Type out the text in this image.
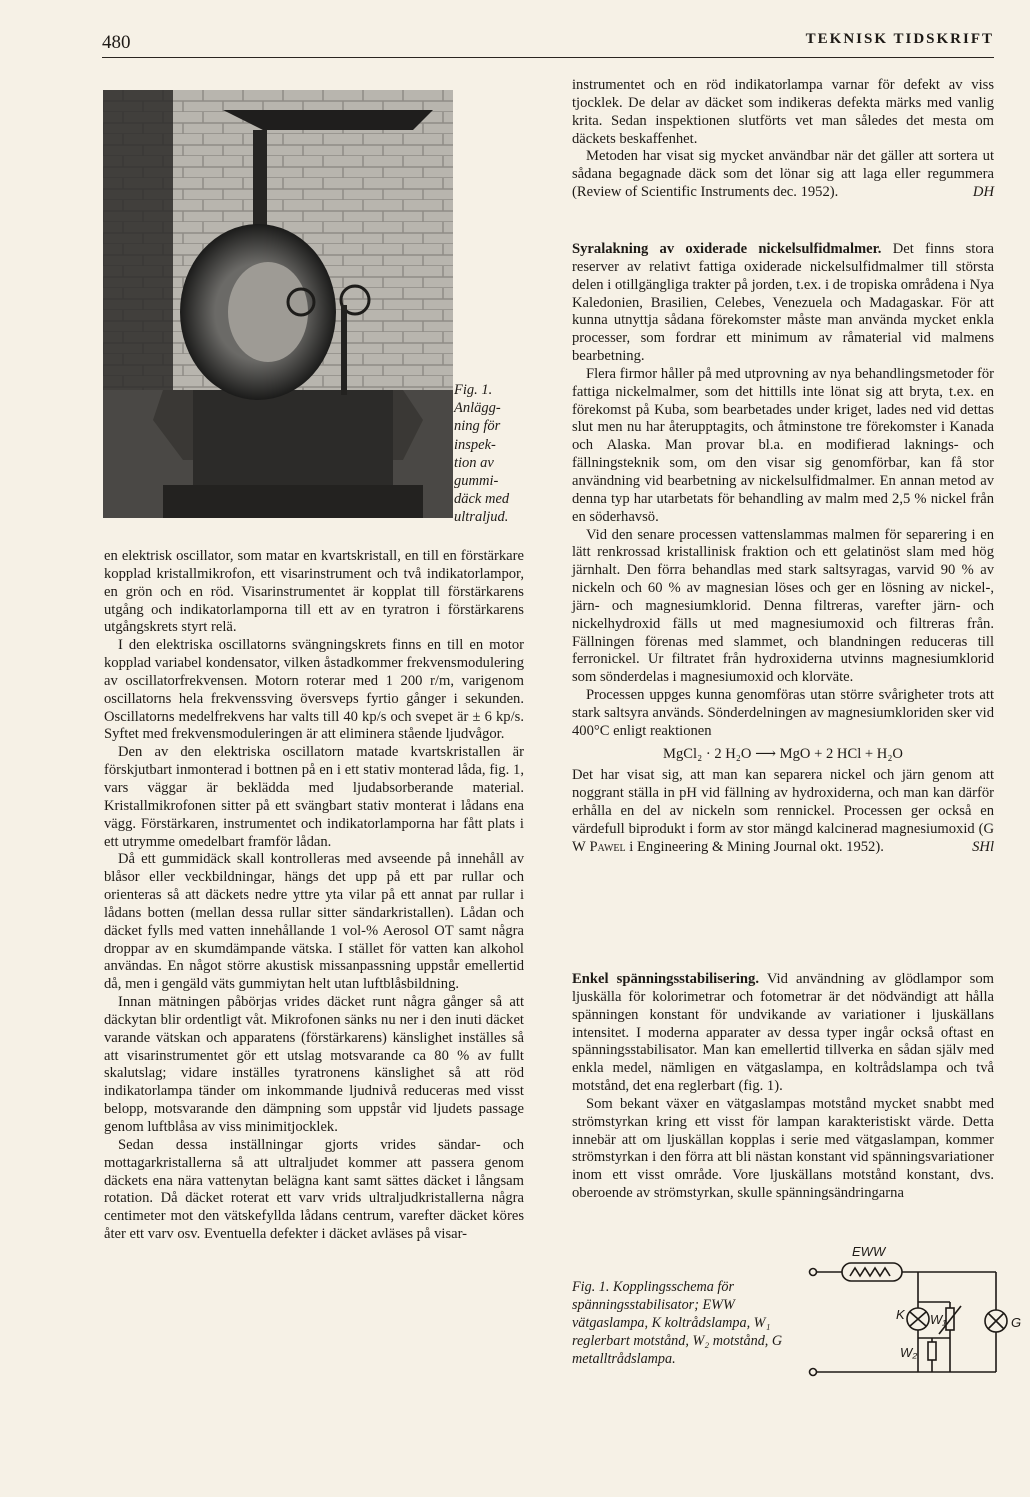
480	TEKNISK TIDSKRIFT
Fig. 1.
Anlägg-
ning för
inspek-
tion av
gummi-
däck med
ultraljud.

en elektrisk oscillator, som matar en kvartskristall, en till en förstärkare kopplad kristallmikrofon, ett visarinstrument och två indikatorlampor, en grön och en röd. Visarinstrumentet är kopplat till förstärkarens utgång och indikatorlamporna till ett av en tyratron i förstärkarens utgångskrets styrt relä.

I den elektriska oscillatorns svängningskrets finns en till en motor kopplad variabel kondensator, vilken åstadkommer frekvensmodulering av oscillatorfrekvensen. Motorn roterar med 1 200 r/m, varigenom oscillatorns hela frekvenssving översveps fyrtio gånger i sekunden. Oscillatorns medelfrekvens har valts till 40 kp/s och svepet är ± 6 kp/s. Syftet med frekvensmoduleringen är att eliminera stående ljudvågor.

Den av den elektriska oscillatorn matade kvartskristallen är förskjutbart inmonterad i bottnen på en i ett stativ monterad låda, fig. 1, vars väggar är beklädda med ljudabsorberande material. Kristallmikrofonen sitter på ett svängbart stativ monterat i lådans ena vägg. Förstärkaren, instrumentet och indikatorlamporna har fått plats i ett utrymme omedelbart framför lådan.

Då ett gummidäck skall kontrolleras med avseende på innehåll av blåsor eller veckbildningar, hängs det upp på ett par rullar och orienteras så att däckets nedre yttre yta vilar på ett annat par rullar i lådans botten (mellan dessa rullar sitter sändarkristallen). Lådan och däcket fylls med vatten innehållande 1 vol-% Aerosol OT samt några droppar av en skumdämpande vätska. I stället för vatten kan alkohol användas. En något större akustisk missanpassning uppstår emellertid då, men i gengäld väts gummiytan helt utan luftblåsbildning.

Innan mätningen påbörjas vrides däcket runt några gånger så att däckytan blir ordentligt våt. Mikrofonen sänks nu ner i den inuti däcket varande vätskan och apparatens (förstärkarens) känslighet inställes så att visarinstrumentet gör ett utslag motsvarande ca 80 % av fullt skalutslag; vidare inställes tyratronens känslighet så att röd indikatorlampa tänder om inkommande ljudnivå reduceras med visst belopp, motsvarande den dämpning som uppstår vid ljudets passage genom luftblåsa av viss minimitjocklek.

Sedan dessa inställningar gjorts vrides sändar- och mottagarkristallerna så att ultraljudet kommer att passera genom däckets ena nära vattenytan belägna kant samt sättes däcket i långsam rotation. Då däcket roterat ett varv vrids ultraljudkristallerna några centimeter mot den vätskefyllda lådans centrum, varefter däcket köres åter ett varv osv. Eventuella defekter i däcket avläses på visar-

instrumentet och en röd indikatorlampa varnar för defekt av viss tjocklek. De delar av däcket som indikeras defekta märks med vanlig krita. Sedan inspektionen slutförts vet man således det mesta om däckets beskaffenhet.

Metoden har visat sig mycket användbar när det gäller att sortera ut sådana begagnade däck som det lönar sig att laga eller regummera (Review of Scientific Instruments dec. 1952).	DH

Syralakning av oxiderade nickelsulfidmalmer. Det finns stora reserver av relativt fattiga oxiderade nickelsulfidmalmer till största delen i otillgängliga trakter på jorden, t.ex. i de tropiska områdena i Nya Kaledonien, Brasilien, Celebes, Venezuela och Madagaskar. För att kunna utnyttja sådana förekomster måste man använda mycket enkla processer, som fordrar ett minimum av råmaterial vid malmens bearbetning.

Flera firmor håller på med utprovning av nya behandlingsmetoder för fattiga nickelmalmer, som det hittills inte lönat sig att bryta, t.ex. en förekomst på Kuba, som bearbetades under kriget, lades ned vid dettas slut men nu har återupptagits, och åtminstone tre förekomster i Kanada och Alaska. Man provar bl.a. en modifierad laknings- och fällningsteknik som, om den visar sig genomförbar, kan få stor användning vid bearbetning av nickelsulfidmalmer. En annan metod av denna typ har utarbetats för behandling av malm med 2,5 % nickel från en söderhavsö.

Vid den senare processen vattenslammas malmen för separering i en lätt renkrossad kristallinisk fraktion och ett gelatinöst slam med hög järnhalt. Den förra behandlas med stark saltsyragas, varvid 90 % av nickeln och 60 % av magnesian löses och ger en lösning av nickel-, järn- och magnesiumklorid. Denna filtreras, varefter järn- och nickelhydroxid fälls ut med magnesiumoxid och filtreras från. Fällningen förenas med slammet, och blandningen reduceras till ferronickel. Ur filtratet från hydroxiderna utvinns magnesiumklorid som sönderdelas i magnesiumoxid och klorväte.

Processen uppges kunna genomföras utan större svårigheter trots att stark saltsyra används. Sönderdelningen av magnesiumkloriden sker vid 400°C enligt reaktionen

MgCl₂ · 2 H₂O ⟶ MgO + 2 HCl + H₂O

Det har visat sig, att man kan separera nickel och järn genom att noggrant ställa in pH vid fällning av hydroxiderna, och man kan därför erhålla en del av nickeln som rennickel. Processen ger också en värdefull biprodukt i form av stor mängd kalcinerad magnesiumoxid (G W Pawel i Engineering & Mining Journal okt. 1952).	SHl

Enkel spänningsstabilisering. Vid användning av glödlampor som ljuskälla för kolorimetrar och fotometrar är det nödvändigt att hålla spänningen konstant för undvikande av variationer i ljuskällans intensitet. I moderna apparater av dessa typer ingår också oftast en spänningsstabilisator. Man kan emellertid tillverka en sådan själv med enkla medel, nämligen en vätgaslampa, en koltrådslampa och två motstånd, det ena reglerbart (fig. 1).

Som bekant växer en vätgaslampas motstånd mycket snabbt med strömstyrkan kring ett visst för lampan karakteristiskt värde. Detta innebär att om ljuskällan kopplas i serie med vätgaslampan, kommer strömstyrkan i den förra att bli nästan konstant vid spänningsvariationer inom ett visst område. Vore ljuskällans motstånd konstant, dvs. oberoende av strömstyrkan, skulle spänningsändringarna

Fig. 1. Kopplingsschema för spänningsstabilisator; EWW vätgaslampa, K koltrådslampa, W₁ reglerbart motstånd, W₂ motstånd, G metalltrådslampa.
EWW
K W₁
W₂
G
